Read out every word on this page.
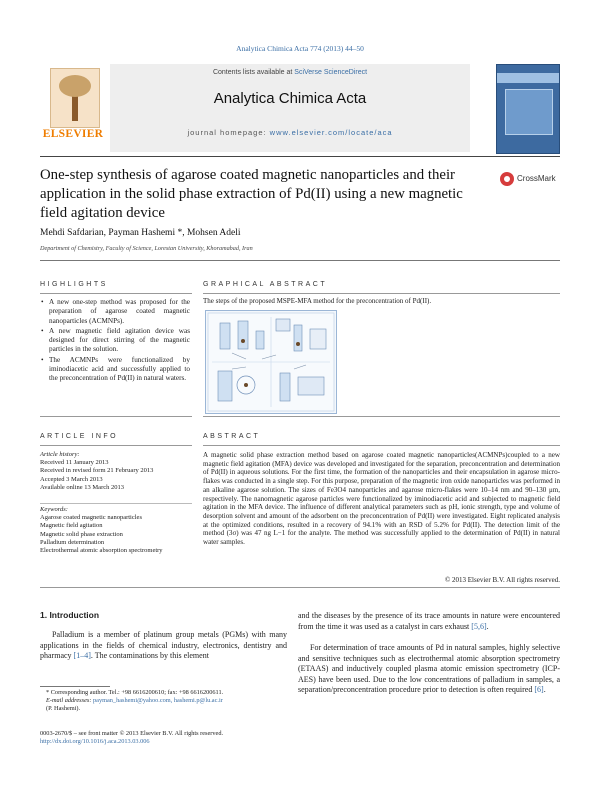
Analytica Chimica Acta 774 (2013) 44–50
ELSEVIER
Contents lists available at SciVerse ScienceDirect
Analytica Chimica Acta
journal homepage: www.elsevier.com/locate/aca
One-step synthesis of agarose coated magnetic nanoparticles and their application in the solid phase extraction of Pd(II) using a new magnetic field agitation device
CrossMark
Mehdi Safdarian, Payman Hashemi *, Mohsen Adeli
Department of Chemistry, Faculty of Science, Lorestan University, Khoramabad, Iran
HIGHLIGHTS	GRAPHICAL ABSTRACT
• A new one-step method was proposed for the preparation of agarose coated magnetic nanoparticles (ACMNPs).
• A new magnetic field agitation device was designed for direct stirring of the magnetic particles in the solution.
• The ACMNPs were functionalized by iminodiacetic acid and successfully applied to the preconcentration of Pd(II) in natural waters.
The steps of the proposed MSPE-MFA method for the preconcentration of Pd(II).
ARTICLE INFO	ABSTRACT
Article history:
Received 11 January 2013
Received in revised form 21 February 2013
Accepted 3 March 2013
Available online 13 March 2013
Keywords:
Agarose coated magnetic nanoparticles
Magnetic field agitation
Magnetic solid phase extraction
Palladium determination
Electrothermal atomic absorption spectrometry
A magnetic solid phase extraction method based on agarose coated magnetic nanoparticles(ACMNPs)coupled to a new magnetic field agitation (MFA) device was developed and investigated for the separation, preconcentration and determination of Pd(II) in aqueous solutions. For the first time, the formation of the nanoparticles and their encapsulation in agarose micro-flakes was conducted in a single step. For this purpose, preparation of the magnetic iron oxide nanoparticles was performed in an alkaline agarose solution. The sizes of Fe3O4 nanoparticles and agarose micro-flakes were 10–14 nm and 90–130 μm, respectively. The nanomagnetic agarose particles were functionalized by iminodiacetic acid and subjected to magnetic field agitation in the MFA device. The influence of different analytical parameters such as pH, ionic strength, type and volume of desorption solvent and amount of the adsorbent on the preconcentration of Pd(II) were investigated. Eight replicated analysis at the optimized conditions, resulted in a recovery of 94.1% with an RSD of 5.2% for Pd(II). The detection limit of the method (3σ) was 47 ng L−1 for the analyte. The method was successfully applied to the determination of Pd(II) in natural water samples.
© 2013 Elsevier B.V. All rights reserved.
1. Introduction
Palladium is a member of platinum group metals (PGMs) with many applications in the fields of chemical industry, electronics, dentistry and pharmacy [1–4]. The contaminations by this element
and the diseases by the presence of its trace amounts in nature were encountered from the time it was used as a catalyst in cars exhaust [5,6].
For determination of trace amounts of Pd in natural samples, highly selective and sensitive techniques such as electrothermal atomic absorption spectrometry (ETAAS) and inductively coupled plasma atomic emission spectrometry (ICP-AES) have been used. Due to the low concentrations of palladium in samples, a separation/preconcentration procedure prior to detection is often required [6].
* Corresponding author. Tel.: +98 6616200610; fax: +98 6616200611.
E-mail addresses: payman_hashemi@yahoo.com, hashemi.p@lu.ac.ir
(P. Hashemi).
0003-2670/$ – see front matter © 2013 Elsevier B.V. All rights reserved.
http://dx.doi.org/10.1016/j.aca.2013.03.006
